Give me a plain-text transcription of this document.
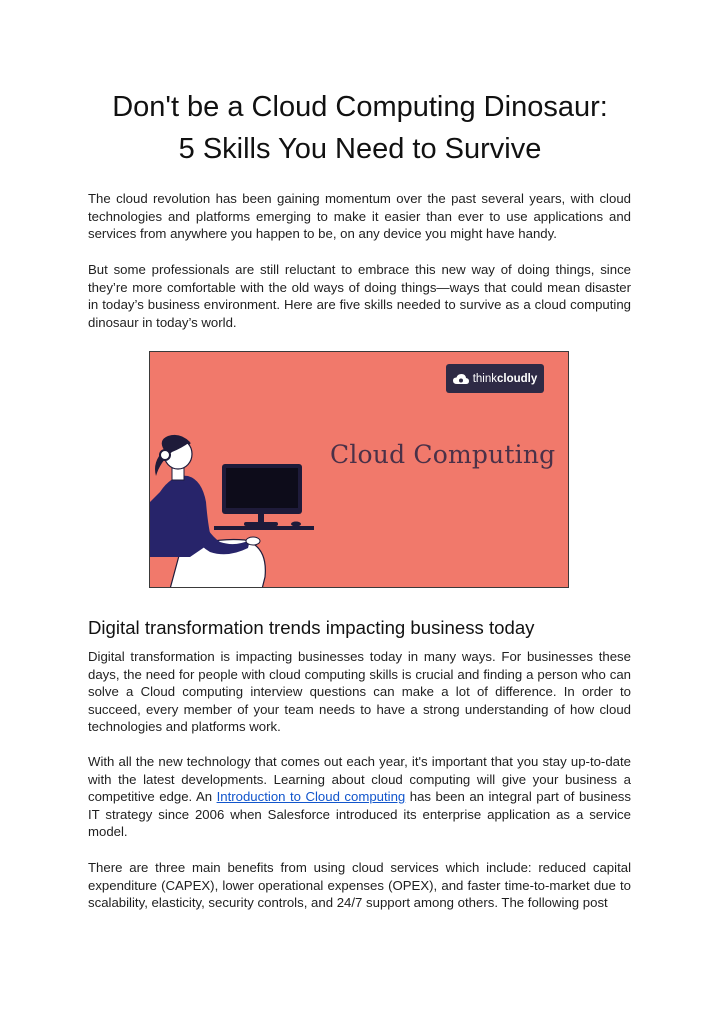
Don't be a Cloud Computing Dinosaur:
5 Skills You Need to Survive

The cloud revolution has been gaining momentum over the past several years, with cloud technologies and platforms emerging to make it easier than ever to use applications and services from anywhere you happen to be, on any device you might have handy.

But some professionals are still reluctant to embrace this new way of doing things, since they’re more comfortable with the old ways of doing things—ways that could mean disaster in today’s business environment. Here are five skills needed to survive as a cloud computing dinosaur in today’s world.

thinkcloudly
Cloud Computing
Digital transformation trends impacting business today

Digital transformation is impacting businesses today in many ways. For businesses these days, the need for people with cloud computing skills is crucial and finding a person who can solve a Cloud computing interview questions can make a lot of difference. In order to succeed, every member of your team needs to have a strong understanding of how cloud technologies and platforms work.

With all the new technology that comes out each year, it's important that you stay up-to-date with the latest developments. Learning about cloud computing will give your business a competitive edge. An Introduction to Cloud computing has been an integral part of business IT strategy since 2006 when Salesforce introduced its enterprise application as a service model.

There are three main benefits from using cloud services which include: reduced capital expenditure (CAPEX), lower operational expenses (OPEX), and faster time-to-market due to scalability, elasticity, security controls, and 24/7 support among others. The following post
